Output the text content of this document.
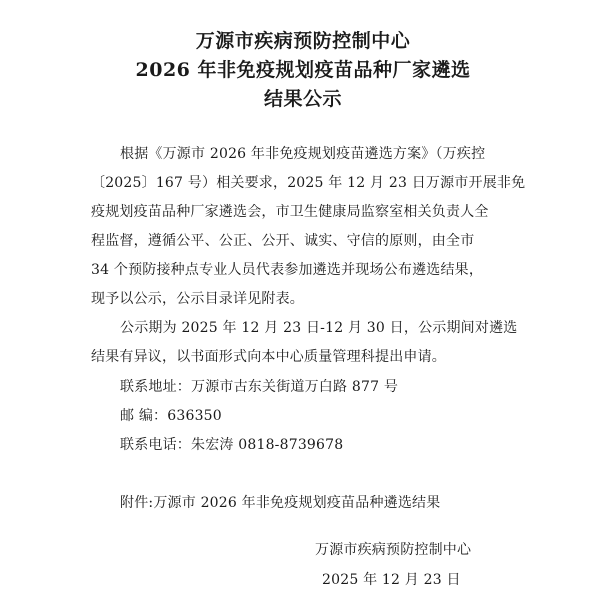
万源市疾病预防控制中心
2026 年非免疫规划疫苗品种厂家遴选
结果公示
根据《万源市 2026 年非免疫规划疫苗遴选方案》（万疾控
〔2025〕167 号）相关要求，2025 年 12 月 23 日万源市开展非免
疫规划疫苗品种厂家遴选会，市卫生健康局监察室相关负责人全
程监督，遵循公平、公正、公开、诚实、守信的原则，由全市
34 个预防接种点专业人员代表参加遴选并现场公布遴选结果，
现予以公示，公示目录详见附表。
公示期为 2025 年 12 月 23 日-12 月 30 日，公示期间对遴选
结果有异议，以书面形式向本中心质量管理科提出申请。
联系地址：万源市古东关街道万白路 877 号
邮 编：636350
联系电话：朱宏涛 0818-8739678
附件:万源市 2026 年非免疫规划疫苗品种遴选结果
万源市疾病预防控制中心
2025 年 12 月 23 日
